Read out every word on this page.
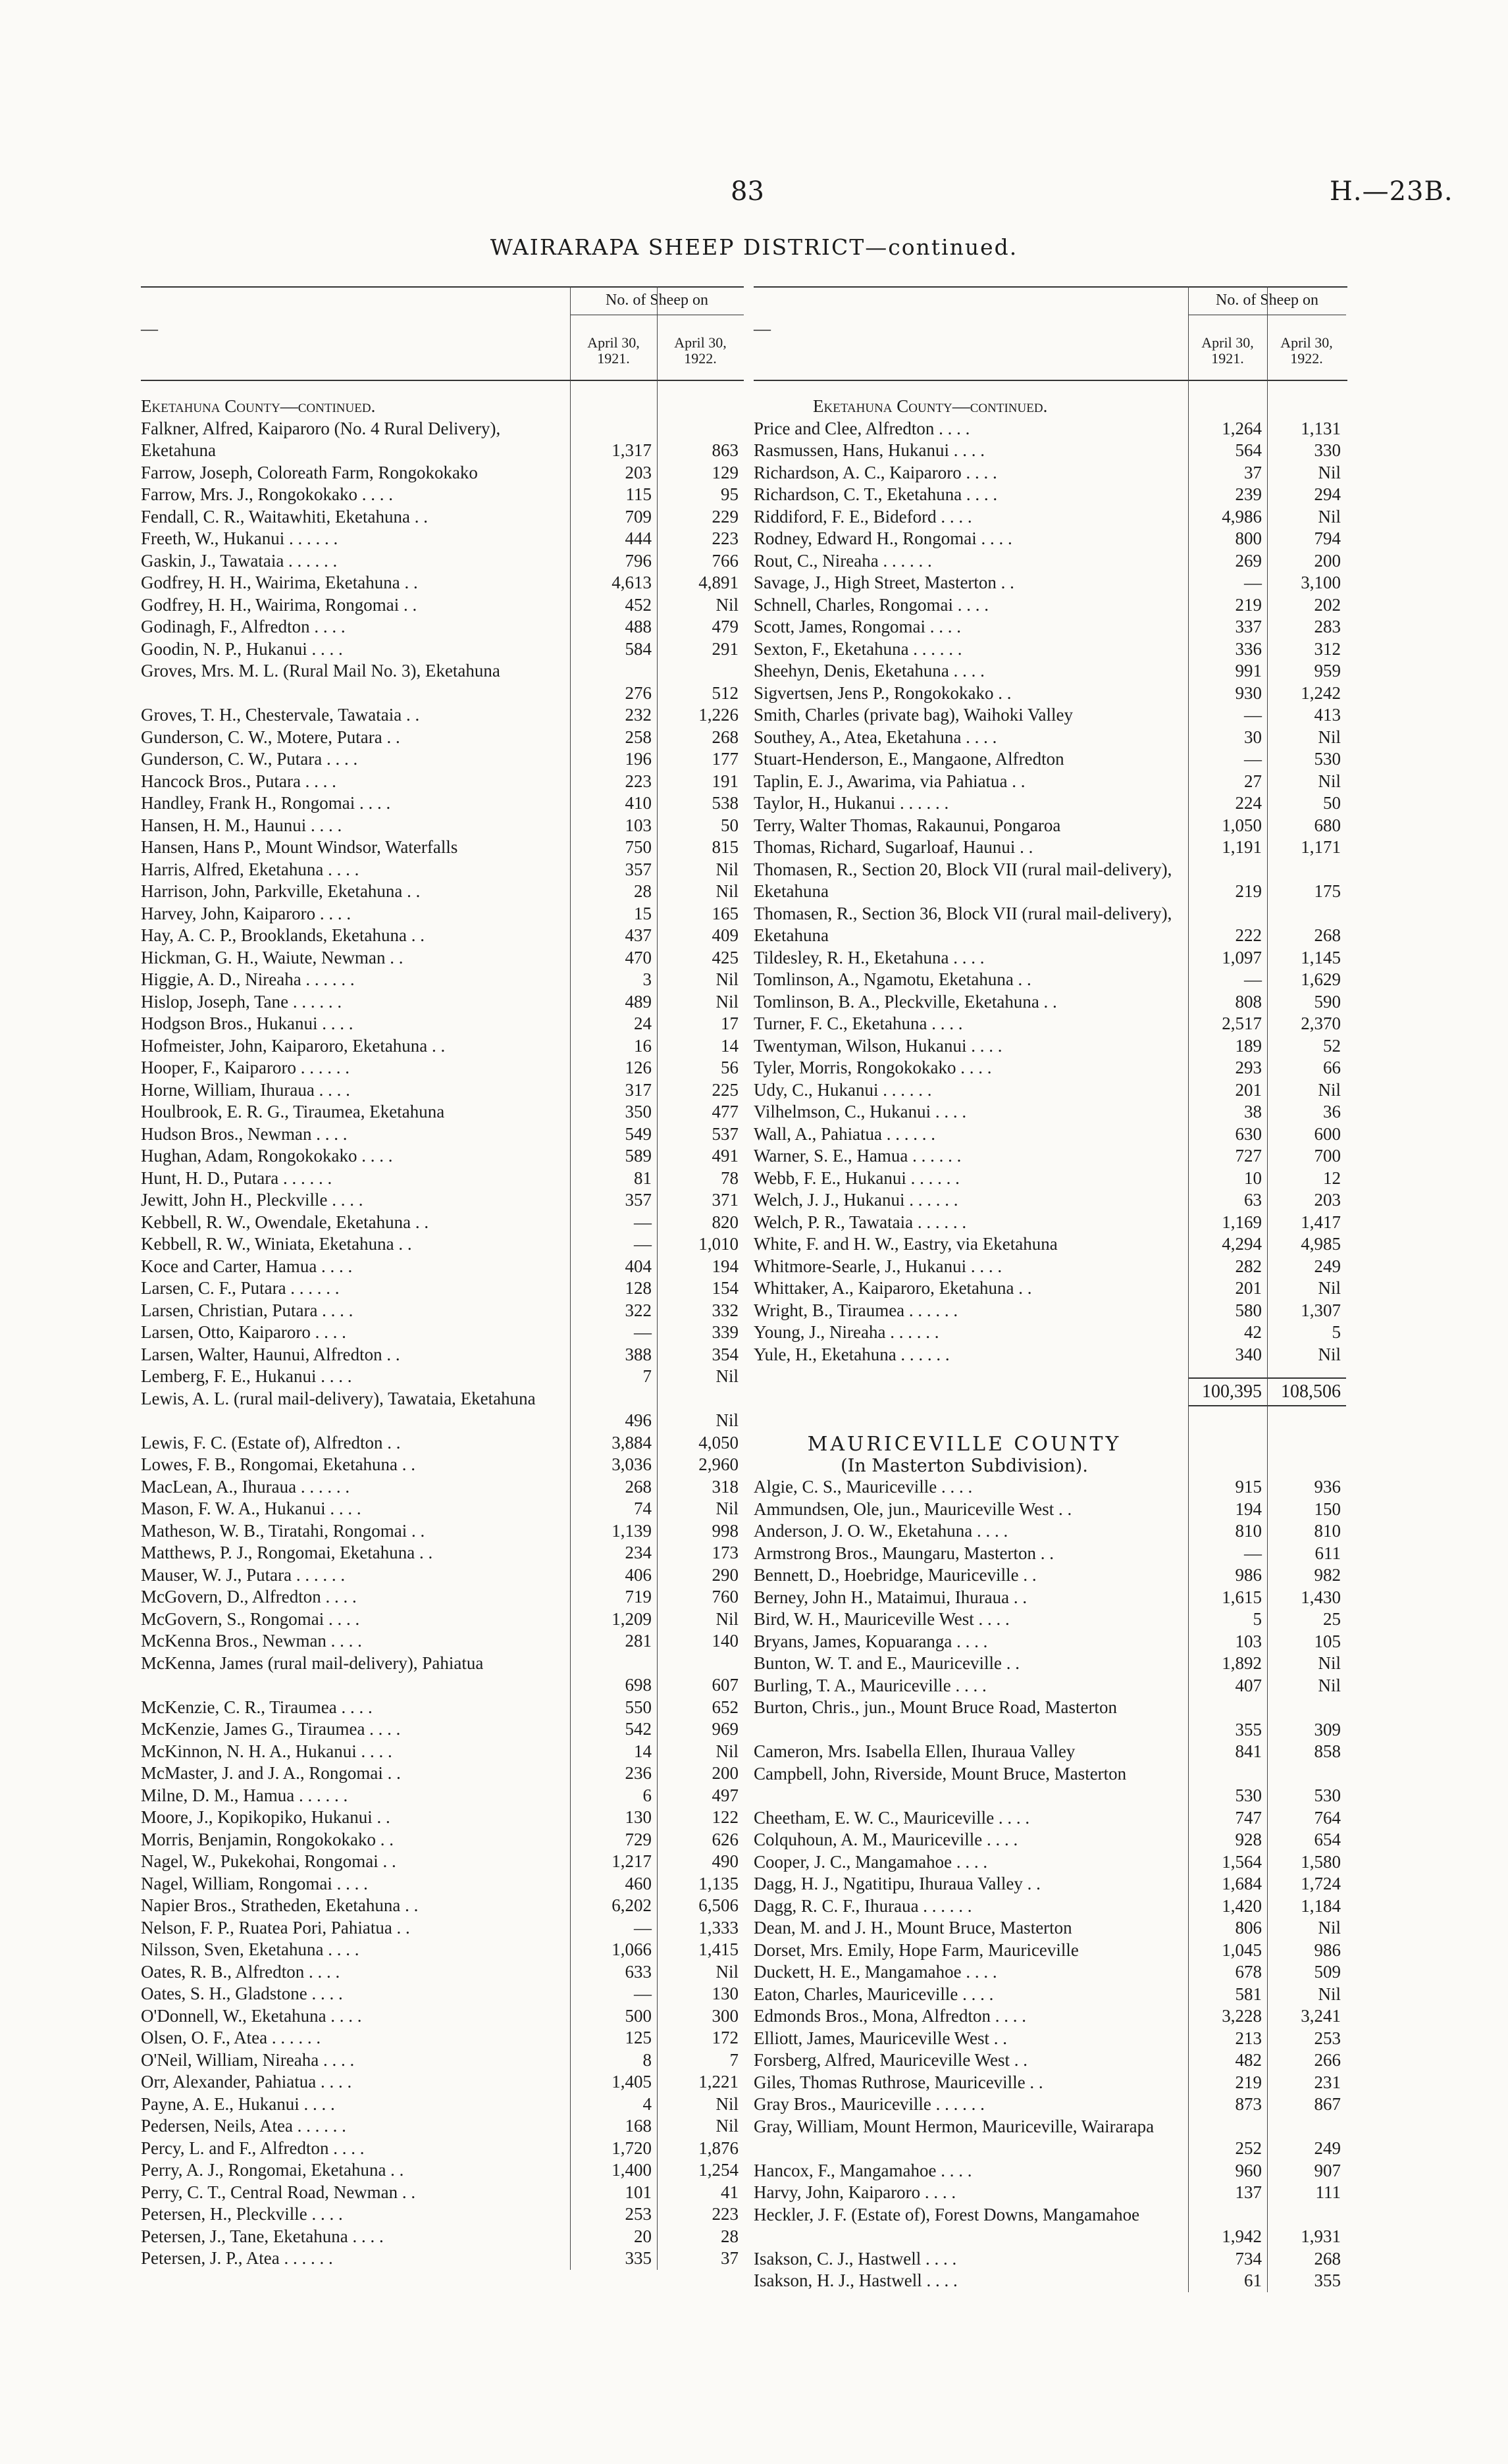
83	H.—23B.
WAIRARAPA SHEEP DISTRICT—continued.
—
No. of Sheep on
April 30, 1921.
April 30, 1922.
Eketahuna County—continued.
Falkner, Alfred, Kaiparoro (No. 4 Rural Delivery), Eketahuna	1,317	863
Farrow, Joseph, Coloreath Farm, Rongokokako	203	129
Farrow, Mrs. J., Rongokokako . . . .	115	95
Fendall, C. R., Waitawhiti, Eketahuna . .	709	229
Freeth, W., Hukanui . . . . . .	444	223
Gaskin, J., Tawataia . . . . . .	796	766
Godfrey, H. H., Wairima, Eketahuna . .	4,613	4,891
Godfrey, H. H., Wairima, Rongomai . .	452	Nil
Godinagh, F., Alfredton . . . .	488	479
Goodin, N. P., Hukanui . . . .	584	291
Groves, Mrs. M. L. (Rural Mail No. 3), Eketahuna
276	512
Groves, T. H., Chestervale, Tawataia . .	232	1,226
Gunderson, C. W., Motere, Putara . .	258	268
Gunderson, C. W., Putara . . . .	196	177
Hancock Bros., Putara . . . .	223	191
Handley, Frank H., Rongomai . . . .	410	538
Hansen, H. M., Haunui . . . .	103	50
Hansen, Hans P., Mount Windsor, Waterfalls	750	815
Harris, Alfred, Eketahuna . . . .	357	Nil
Harrison, John, Parkville, Eketahuna . .	28	Nil
Harvey, John, Kaiparoro . . . .	15	165
Hay, A. C. P., Brooklands, Eketahuna . .	437	409
Hickman, G. H., Waiute, Newman . .	470	425
Higgie, A. D., Nireaha . . . . . .	3	Nil
Hislop, Joseph, Tane . . . . . .	489	Nil
Hodgson Bros., Hukanui . . . .	24	17
Hofmeister, John, Kaiparoro, Eketahuna . .	16	14
Hooper, F., Kaiparoro . . . . . .	126	56
Horne, William, Ihuraua . . . .	317	225
Houlbrook, E. R. G., Tiraumea, Eketahuna	350	477
Hudson Bros., Newman . . . .	549	537
Hughan, Adam, Rongokokako . . . .	589	491
Hunt, H. D., Putara . . . . . .	81	78
Jewitt, John H., Pleckville . . . .	357	371
Kebbell, R. W., Owendale, Eketahuna . .	—	820
Kebbell, R. W., Winiata, Eketahuna . .	—	1,010
Koce and Carter, Hamua . . . .	404	194
Larsen, C. F., Putara . . . . . .	128	154
Larsen, Christian, Putara . . . .	322	332
Larsen, Otto, Kaiparoro . . . .	—	339
Larsen, Walter, Haunui, Alfredton . .	388	354
Lemberg, F. E., Hukanui . . . .	7	Nil
Lewis, A. L. (rural mail-delivery), Tawataia, Eketahuna
496	Nil
Lewis, F. C. (Estate of), Alfredton . .	3,884	4,050
Lowes, F. B., Rongomai, Eketahuna . .	3,036	2,960
MacLean, A., Ihuraua . . . . . .	268	318
Mason, F. W. A., Hukanui . . . .	74	Nil
Matheson, W. B., Tiratahi, Rongomai . .	1,139	998
Matthews, P. J., Rongomai, Eketahuna . .	234	173
Mauser, W. J., Putara . . . . . .	406	290
McGovern, D., Alfredton . . . .	719	760
McGovern, S., Rongomai . . . .	1,209	Nil
McKenna Bros., Newman . . . .	281	140
McKenna, James (rural mail-delivery), Pahiatua
698	607
McKenzie, C. R., Tiraumea . . . .	550	652
McKenzie, James G., Tiraumea . . . .	542	969
McKinnon, N. H. A., Hukanui . . . .	14	Nil
McMaster, J. and J. A., Rongomai . .	236	200
Milne, D. M., Hamua . . . . . .	6	497
Moore, J., Kopikopiko, Hukanui . .	130	122
Morris, Benjamin, Rongokokako . .	729	626
Nagel, W., Pukekohai, Rongomai . .	1,217	490
Nagel, William, Rongomai . . . .	460	1,135
Napier Bros., Stratheden, Eketahuna . .	6,202	6,506
Nelson, F. P., Ruatea Pori, Pahiatua . .	—	1,333
Nilsson, Sven, Eketahuna . . . .	1,066	1,415
Oates, R. B., Alfredton . . . .	633	Nil
Oates, S. H., Gladstone . . . .	—	130
O'Donnell, W., Eketahuna . . . .	500	300
Olsen, O. F., Atea . . . . . .	125	172
O'Neil, William, Nireaha . . . .	8	7
Orr, Alexander, Pahiatua . . . .	1,405	1,221
Payne, A. E., Hukanui . . . .	4	Nil
Pedersen, Neils, Atea . . . . . .	168	Nil
Percy, L. and F., Alfredton . . . .	1,720	1,876
Perry, A. J., Rongomai, Eketahuna . .	1,400	1,254
Perry, C. T., Central Road, Newman . .	101	41
Petersen, H., Pleckville . . . .	253	223
Petersen, J., Tane, Eketahuna . . . .	20	28
Petersen, J. P., Atea . . . . . .	335	37
—
No. of Sheep on
April 30, 1921.
April 30, 1922.
Eketahuna County—continued.
Price and Clee, Alfredton . . . .	1,264	1,131
Rasmussen, Hans, Hukanui . . . .	564	330
Richardson, A. C., Kaiparoro . . . .	37	Nil
Richardson, C. T., Eketahuna . . . .	239	294
Riddiford, F. E., Bideford . . . .	4,986	Nil
Rodney, Edward H., Rongomai . . . .	800	794
Rout, C., Nireaha . . . . . .	269	200
Savage, J., High Street, Masterton . .	—	3,100
Schnell, Charles, Rongomai . . . .	219	202
Scott, James, Rongomai . . . .	337	283
Sexton, F., Eketahuna . . . . . .	336	312
Sheehyn, Denis, Eketahuna . . . .	991	959
Sigvertsen, Jens P., Rongokokako . .	930	1,242
Smith, Charles (private bag), Waihoki Valley	—	413
Southey, A., Atea, Eketahuna . . . .	30	Nil
Stuart-Henderson, E., Mangaone, Alfredton	—	530
Taplin, E. J., Awarima, via Pahiatua . .	27	Nil
Taylor, H., Hukanui . . . . . .	224	50
Terry, Walter Thomas, Rakaunui, Pongaroa	1,050	680
Thomas, Richard, Sugarloaf, Haunui . .	1,191	1,171
Thomasen, R., Section 20, Block VII (rural mail-delivery), Eketahuna	219	175
Thomasen, R., Section 36, Block VII (rural mail-delivery), Eketahuna	222	268
Tildesley, R. H., Eketahuna . . . .	1,097	1,145
Tomlinson, A., Ngamotu, Eketahuna . .	—	1,629
Tomlinson, B. A., Pleckville, Eketahuna . .	808	590
Turner, F. C., Eketahuna . . . .	2,517	2,370
Twentyman, Wilson, Hukanui . . . .	189	52
Tyler, Morris, Rongokokako . . . .	293	66
Udy, C., Hukanui . . . . . .	201	Nil
Vilhelmson, C., Hukanui . . . .	38	36
Wall, A., Pahiatua . . . . . .	630	600
Warner, S. E., Hamua . . . . . .	727	700
Webb, F. E., Hukanui . . . . . .	10	12
Welch, J. J., Hukanui . . . . . .	63	203
Welch, P. R., Tawataia . . . . . .	1,169	1,417
White, F. and H. W., Eastry, via Eketahuna	4,294	4,985
Whitmore-Searle, J., Hukanui . . . .	282	249
Whittaker, A., Kaiparoro, Eketahuna . .	201	Nil
Wright, B., Tiraumea . . . . . .	580	1,307
Young, J., Nireaha . . . . . .	42	5
Yule, H., Eketahuna . . . . . .	340	Nil
100,395	108,506
MAURICEVILLE COUNTY
(In Masterton Subdivision).
Algie, C. S., Mauriceville . . . .	915	936
Ammundsen, Ole, jun., Mauriceville West . .	194	150
Anderson, J. O. W., Eketahuna . . . .	810	810
Armstrong Bros., Maungaru, Masterton . .	—	611
Bennett, D., Hoebridge, Mauriceville . .	986	982
Berney, John H., Mataimui, Ihuraua . .	1,615	1,430
Bird, W. H., Mauriceville West . . . .	5	25
Bryans, James, Kopuaranga . . . .	103	105
Bunton, W. T. and E., Mauriceville . .	1,892	Nil
Burling, T. A., Mauriceville . . . .	407	Nil
Burton, Chris., jun., Mount Bruce Road, Masterton
355	309
Cameron, Mrs. Isabella Ellen, Ihuraua Valley	841	858
Campbell, John, Riverside, Mount Bruce, Masterton
530	530
Cheetham, E. W. C., Mauriceville . . . .	747	764
Colquhoun, A. M., Mauriceville . . . .	928	654
Cooper, J. C., Mangamahoe . . . .	1,564	1,580
Dagg, H. J., Ngatitipu, Ihuraua Valley . .	1,684	1,724
Dagg, R. C. F., Ihuraua . . . . . .	1,420	1,184
Dean, M. and J. H., Mount Bruce, Masterton	806	Nil
Dorset, Mrs. Emily, Hope Farm, Mauriceville	1,045	986
Duckett, H. E., Mangamahoe . . . .	678	509
Eaton, Charles, Mauriceville . . . .	581	Nil
Edmonds Bros., Mona, Alfredton . . . .	3,228	3,241
Elliott, James, Mauriceville West . .	213	253
Forsberg, Alfred, Mauriceville West . .	482	266
Giles, Thomas Ruthrose, Mauriceville . .	219	231
Gray Bros., Mauriceville . . . . . .	873	867
Gray, William, Mount Hermon, Mauriceville, Wairarapa
252	249
Hancox, F., Mangamahoe . . . .	960	907
Harvy, John, Kaiparoro . . . .	137	111
Heckler, J. F. (Estate of), Forest Downs, Mangamahoe
1,942	1,931
Isakson, C. J., Hastwell . . . .	734	268
Isakson, H. J., Hastwell . . . .	61	355
